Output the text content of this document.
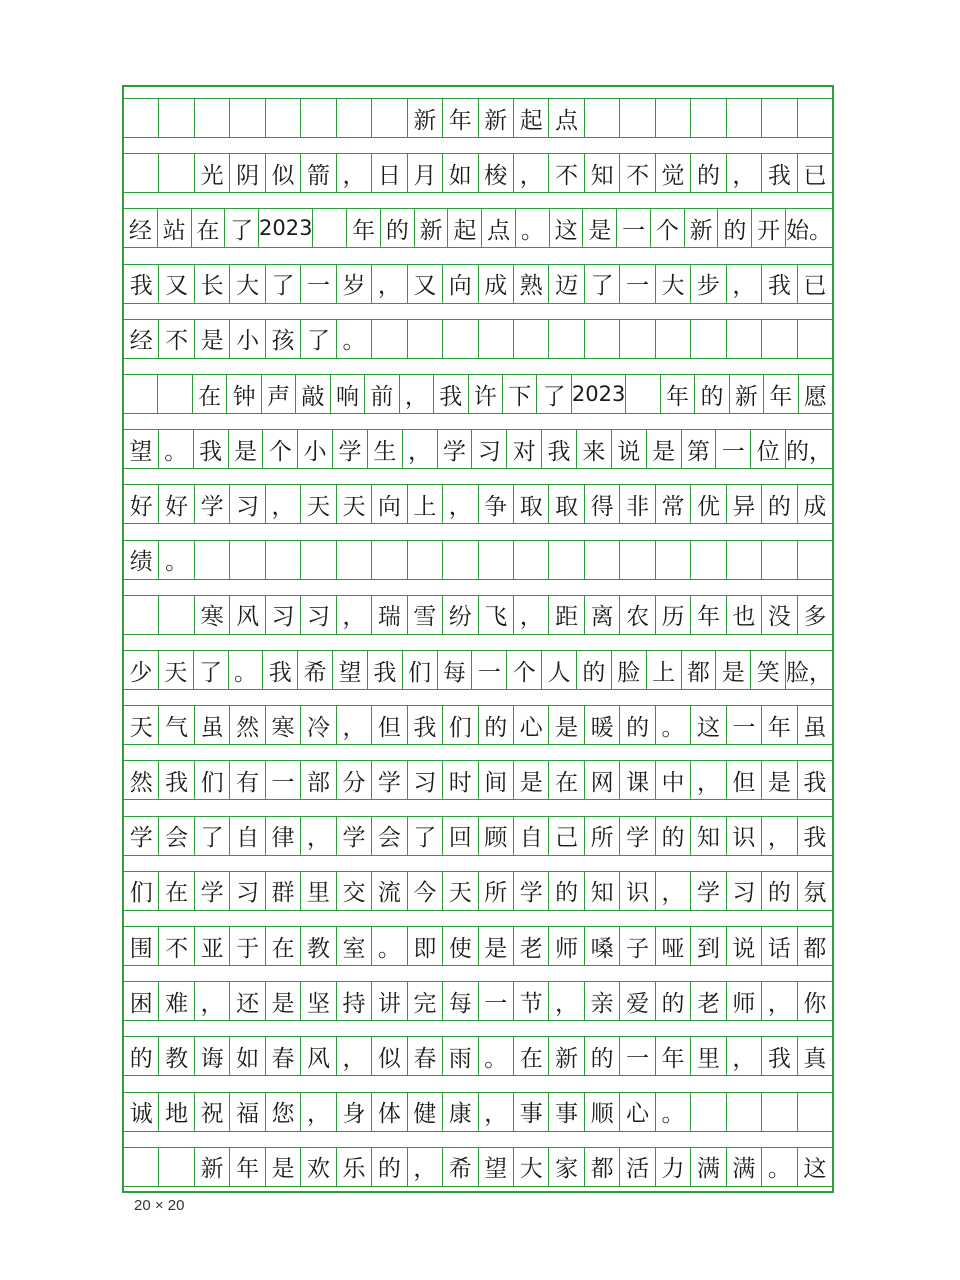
新 年 新 起 点
光 阴 似 箭 ， 日 月 如 梭 ， 不 知 不 觉 的 ， 我 已
经 站 在 了 2023 年 的 新 起 点 。 这 是 一 个 新 的 开 始。
我 又 长 大 了 一 岁 ， 又 向 成 熟 迈 了 一 大 步 ， 我 已
经 不 是 小 孩 了 。
在 钟 声 敲 响 前 ， 我 许 下 了 2023 年 的 新 年 愿
望 。 我 是 个 小 学 生 ， 学 习 对 我 来 说 是 第 一 位 的，
好 好 学 习 ， 天 天 向 上 ， 争 取 取 得 非 常 优 异 的 成
绩 。
寒 风 习 习 ， 瑞 雪 纷 飞 ， 距 离 农 历 年 也 没 多
少 天 了 。 我 希 望 我 们 每 一 个 人 的 脸 上 都 是 笑 脸，
天 气 虽 然 寒 冷 ， 但 我 们 的 心 是 暖 的 。 这 一 年 虽
然 我 们 有 一 部 分 学 习 时 间 是 在 网 课 中 ， 但 是 我
学 会 了 自 律 ， 学 会 了 回 顾 自 己 所 学 的 知 识 ， 我
们 在 学 习 群 里 交 流 今 天 所 学 的 知 识 ， 学 习 的 氛
围 不 亚 于 在 教 室 。 即 使 是 老 师 嗓 子 哑 到 说 话 都
困 难 ， 还 是 坚 持 讲 完 每 一 节 ， 亲 爱 的 老 师 ， 你
的 教 诲 如 春 风 ， 似 春 雨 。 在 新 的 一 年 里 ， 我 真
诚 地 祝 福 您 ， 身 体 健 康 ， 事 事 顺 心 。
新 年 是 欢 乐 的 ， 希 望 大 家 都 活 力 满 满 。 这
20 × 20
